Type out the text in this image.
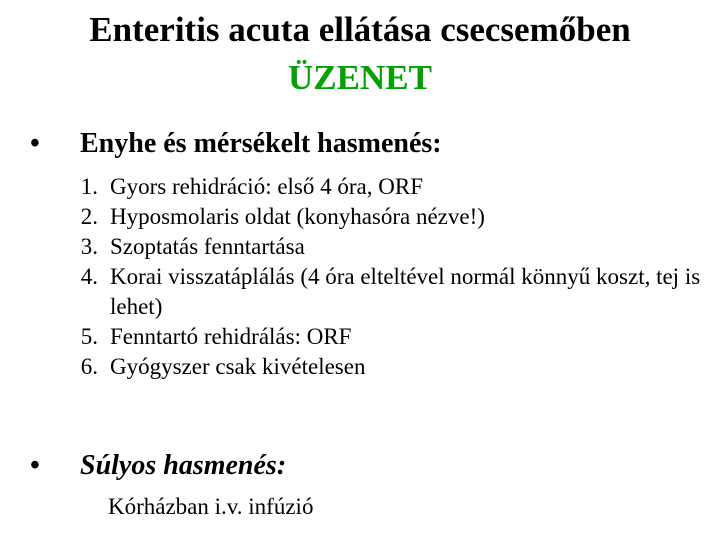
Enteritis acuta ellátása csecsemőben
ÜZENET
• Enyhe és mérsékelt hasmenés:
1. Gyors rehidráció: első 4 óra, ORF
2. Hyposmolaris oldat (konyhasóra nézve!)
3. Szoptatás fenntartása
4. Korai visszatáplálás (4 óra elteltével normál könnyű koszt, tej is lehet)
5. Fenntartó rehidrálás: ORF
6. Gyógyszer csak kivételesen
• Súlyos hasmenés:
Kórházban i.v. infúzió
